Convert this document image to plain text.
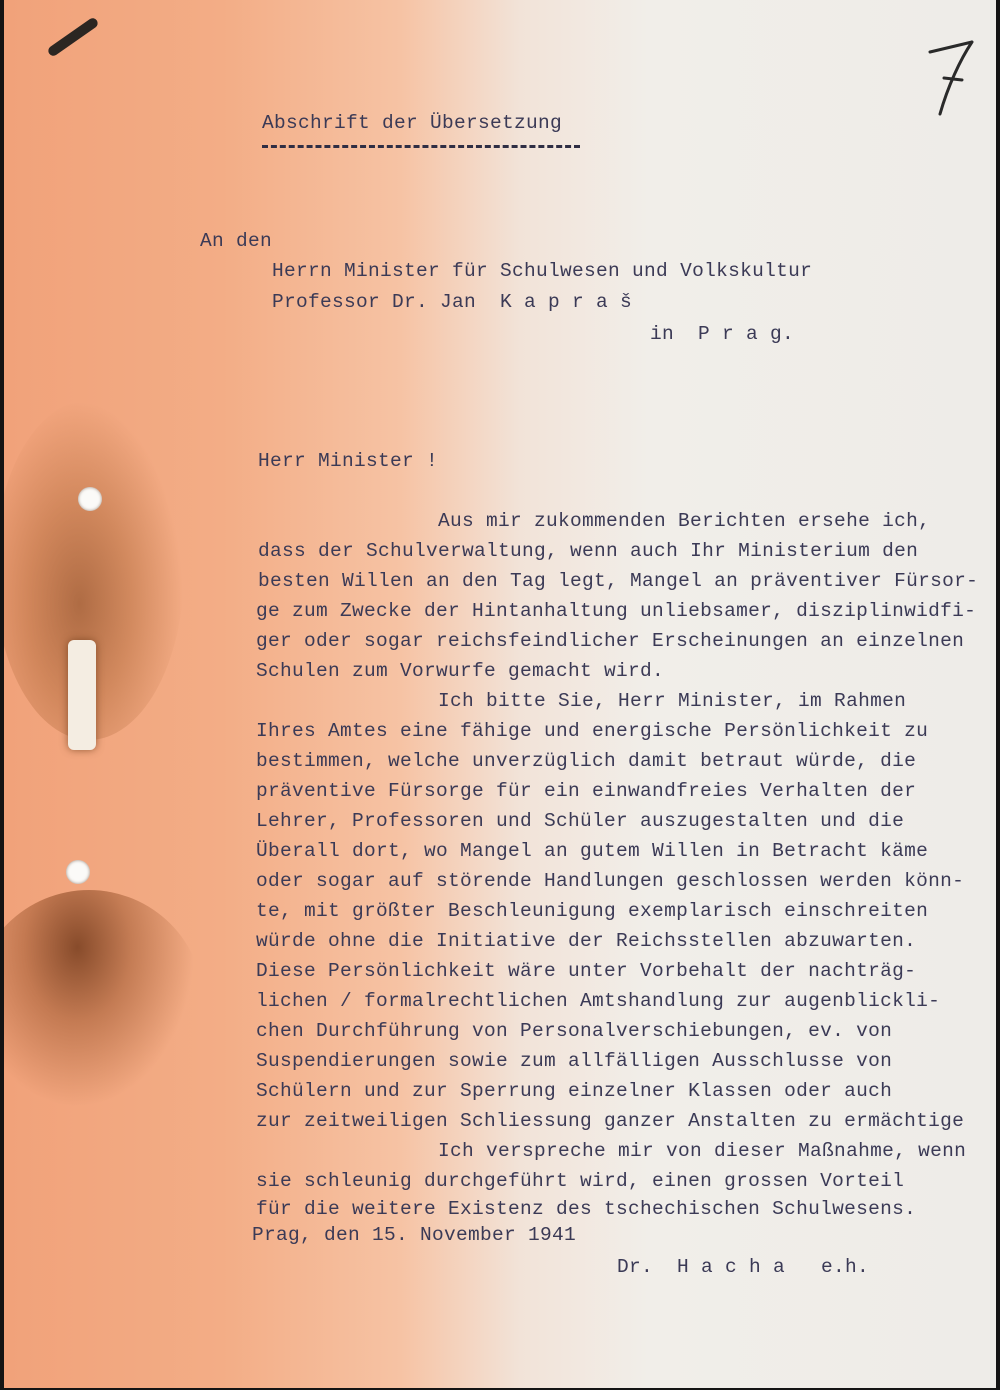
Abschrift der Übersetzung
An den
Herrn Minister für Schulwesen und Volkskultur
Professor Dr. Jan  K a p r a š
in  P r a g.
Herr Minister !
Aus mir zukommenden Berichten ersehe ich,
dass der Schulverwaltung, wenn auch Ihr Ministerium den
besten Willen an den Tag legt, Mangel an präventiver Fürsor-
ge zum Zwecke der Hintanhaltung unliebsamer, disziplinwidfi-
ger oder sogar reichsfeindlicher Erscheinungen an einzelnen
Schulen zum Vorwurfe gemacht wird.
Ich bitte Sie, Herr Minister, im Rahmen
Ihres Amtes eine fähige und energische Persönlichkeit zu
bestimmen, welche unverzüglich damit betraut würde, die
präventive Fürsorge für ein einwandfreies Verhalten der
Lehrer, Professoren und Schüler auszugestalten und die
Überall dort, wo Mangel an gutem Willen in Betracht käme
oder sogar auf störende Handlungen geschlossen werden könn-
te, mit größter Beschleunigung exemplarisch einschreiten
würde ohne die Initiative der Reichsstellen abzuwarten.
Diese Persönlichkeit wäre unter Vorbehalt der nachträg-
lichen / formalrechtlichen Amtshandlung zur augenblickli-
chen Durchführung von Personalverschiebungen, ev. von
Suspendierungen sowie zum allfälligen Ausschlusse von
Schülern und zur Sperrung einzelner Klassen oder auch
zur zeitweiligen Schliessung ganzer Anstalten zu ermächtige
Ich verspreche mir von dieser Maßnahme, wenn
sie schleunig durchgeführt wird, einen grossen Vorteil
für die weitere Existenz des tschechischen Schulwesens.
Prag, den 15. November 1941
Dr.  H a c h a   e.h.
